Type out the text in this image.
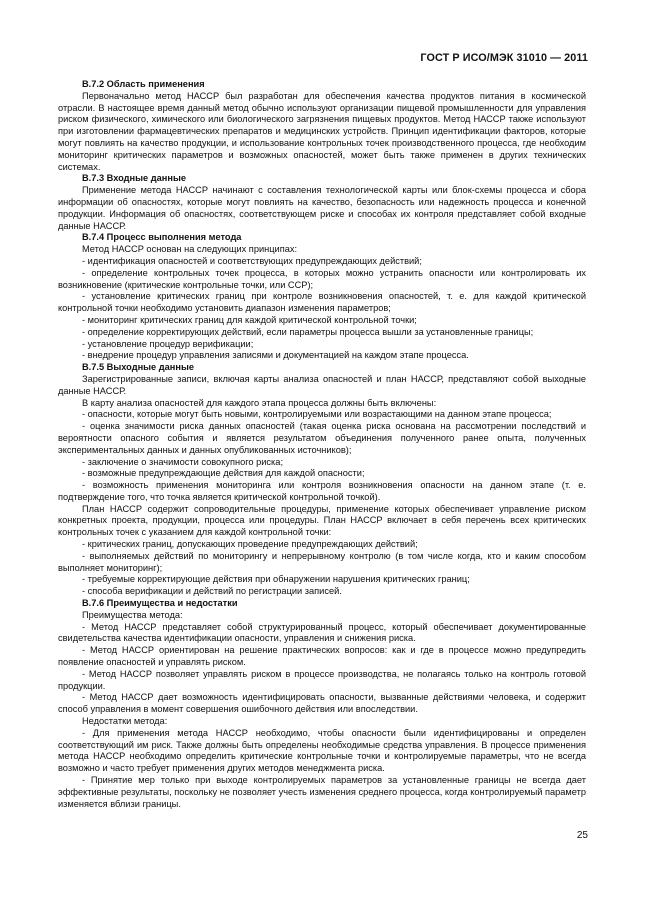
ГОСТ Р ИСО/МЭК 31010 — 2011

В.7.2 Область применения

Первоначально метод НАССР был разработан для обеспечения качества продуктов питания в космической отрасли. В настоящее время данный метод обычно используют организации пищевой промышленности для управления риском физического, химического или биологического загрязнения пищевых продуктов. Метод НАССР также используют при изготовлении фармацевтических препаратов и медицинских устройств. Принцип идентификации факторов, которые могут повлиять на качество продукции, и использование контрольных точек производственного процесса, где необходим мониторинг критических параметров и возможных опасностей, может быть также применен в других технических системах.

В.7.3 Входные данные

Применение метода НАССР начинают с составления технологической карты или блок-схемы процесса и сбора информации об опасностях, которые могут повлиять на качество, безопасность или надежность процесса и конечной продукции. Информация об опасностях, соответствующем риске и способах их контроля представляет собой входные данные НАССР.

В.7.4 Процесс выполнения метода

Метод НАССР основан на следующих принципах:

- идентификация опасностей и соответствующих предупреждающих действий;

- определение контрольных точек процесса, в которых можно устранить опасности или контролировать их возникновение (критические контрольные точки, или ССР);

- установление критических границ при контроле возникновения опасностей, т. е. для каждой критической контрольной точки необходимо установить диапазон изменения параметров;

- мониторинг критических границ для каждой критической контрольной точки;

- определение корректирующих действий, если параметры процесса вышли за установленные границы;

- установление процедур верификации;

- внедрение процедур управления записями и документацией на каждом этапе процесса.

В.7.5 Выходные данные

Зарегистрированные записи, включая карты анализа опасностей и план НАССР, представляют собой выходные данные НАССР.

В карту анализа опасностей для каждого этапа процесса должны быть включены:

- опасности, которые могут быть новыми, контролируемыми или возрастающими на данном этапе процесса;

- оценка значимости риска данных опасностей (такая оценка риска основана на рассмотрении последствий и вероятности опасного события и является результатом объединения полученного ранее опыта, полученных экспериментальных данных и данных опубликованных источников);

- заключение о значимости совокупного риска;

- возможные предупреждающие действия для каждой опасности;

- возможность применения мониторинга или контроля возникновения опасности на данном этапе (т. е. подтверждение того, что точка является критической контрольной точкой).

План НАССР содержит сопроводительные процедуры, применение которых обеспечивает управление риском конкретных проекта, продукции, процесса или процедуры. План НАССР включает в себя перечень всех критических контрольных точек с указанием для каждой контрольной точки:

- критических границ, допускающих проведение предупреждающих действий;

- выполняемых действий по мониторингу и непрерывному контролю (в том числе когда, кто и каким способом выполняет мониторинг);

- требуемые корректирующие действия при обнаружении нарушения критических границ;

- способа верификации и действий по регистрации записей.

В.7.6 Преимущества и недостатки

Преимущества метода:

- Метод НАССР представляет собой структурированный процесс, который обеспечивает документированные свидетельства качества идентификации опасности, управления и снижения риска.

- Метод НАССР ориентирован на решение практических вопросов: как и где в процессе можно предупредить появление опасностей и управлять риском.

- Метод НАССР позволяет управлять риском в процессе производства, не полагаясь только на контроль готовой продукции.

- Метод НАССР дает возможность идентифицировать опасности, вызванные действиями человека, и содержит способ управления в момент совершения ошибочного действия или впоследствии.

Недостатки метода:

- Для применения метода НАССР необходимо, чтобы опасности были идентифицированы и определен соответствующий им риск. Также должны быть определены необходимые средства управления. В процессе применения метода НАССР необходимо определить критические контрольные точки и контролируемые параметры, что не всегда возможно и часто требует применения других методов менеджмента риска.

- Принятие мер только при выходе контролируемых параметров за установленные границы не всегда дает эффективные результаты, поскольку не позволяет учесть изменения среднего процесса, когда контролируемый параметр изменяется вблизи границы.

25
